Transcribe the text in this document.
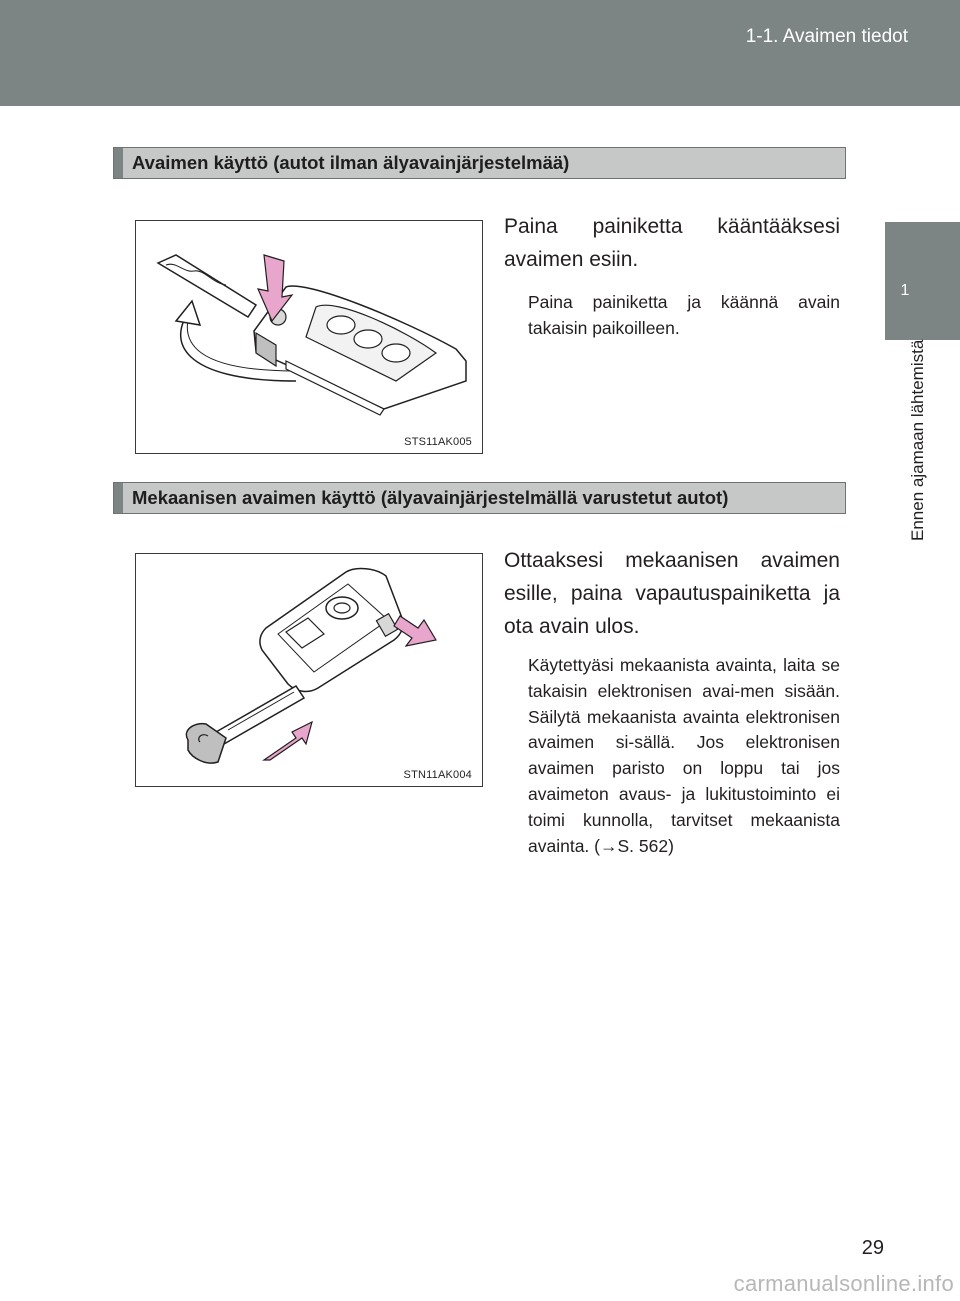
1-1. Avaimen tiedot
1
Ennen ajamaan lähtemistä
Avaimen käyttö (autot ilman älyavainjärjestelmää)
STS11AK005
Paina painiketta kääntääksesi avaimen esiin.
Paina painiketta ja käännä avain takaisin paikoilleen.
Mekaanisen avaimen käyttö (älyavainjärjestelmällä varustetut autot)
STN11AK004
Ottaaksesi mekaanisen avaimen esille, paina vapautuspainiketta ja ota avain ulos.
Käytettyäsi mekaanista avainta, laita se takaisin elektronisen avai-men sisään. Säilytä mekaanista avainta elektronisen avaimen si-sällä. Jos elektronisen avaimen paristo on loppu tai jos avaimeton avaus- ja lukitustoiminto ei toimi kunnolla, tarvitset mekaanista avainta. (→S. 562)
29
carmanualsonline.info
